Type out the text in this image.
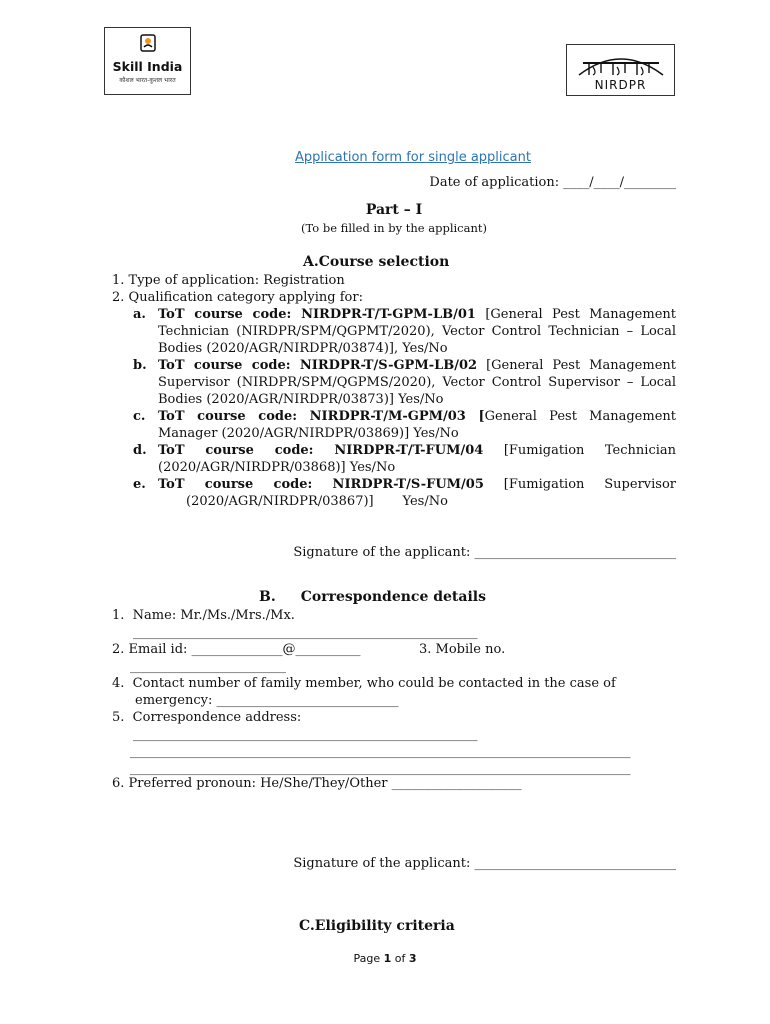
Skill India
कौशल भारत-कुशल भारत	NIRDPR
Application form for single applicant
Date of application: ____/____/________
Part – I
(To be filled in by the applicant)
A.Course selection
1. Type of application: Registration
2. Qualification category applying for:
a. ToT course code: NIRDPR-T/T-GPM-LB/01 [General Pest Management Technician (NIRDPR/SPM/QGPMT/2020), Vector Control Technician – Local Bodies (2020/AGR/NIRDPR/03874)], Yes/No
b. ToT course code: NIRDPR-T/S-GPM-LB/02 [General Pest Management Supervisor (NIRDPR/SPM/QGPMS/2020), Vector Control Supervisor – Local Bodies (2020/AGR/NIRDPR/03873)] Yes/No
c. ToT course code: NIRDPR-T/M-GPM/03 [General Pest Management Manager (2020/AGR/NIRDPR/03869)] Yes/No
d. ToT course code: NIRDPR-T/T-FUM/04 [Fumigation Technician (2020/AGR/NIRDPR/03868)] Yes/No
e. ToT course code: NIRDPR-T/S-FUM/05 [Fumigation Supervisor
(2020/AGR/NIRDPR/03867)]       Yes/No
Signature of the applicant: _______________________________
B. Correspondence details
1.  Name: Mr./Ms./Mrs./Mx.
_____________________________________________________
2. Email id: ______________@__________	3. Mobile no.
________________________
4.  Contact number of family member, who could be contacted in the case of
emergency: ____________________________
5.  Correspondence address:
_____________________________________________________
_____________________________________________________________________________
_____________________________________________________________________________
6. Preferred pronoun: He/She/They/Other ____________________
Signature of the applicant: _______________________________
C.Eligibility criteria
Page 1 of 3
